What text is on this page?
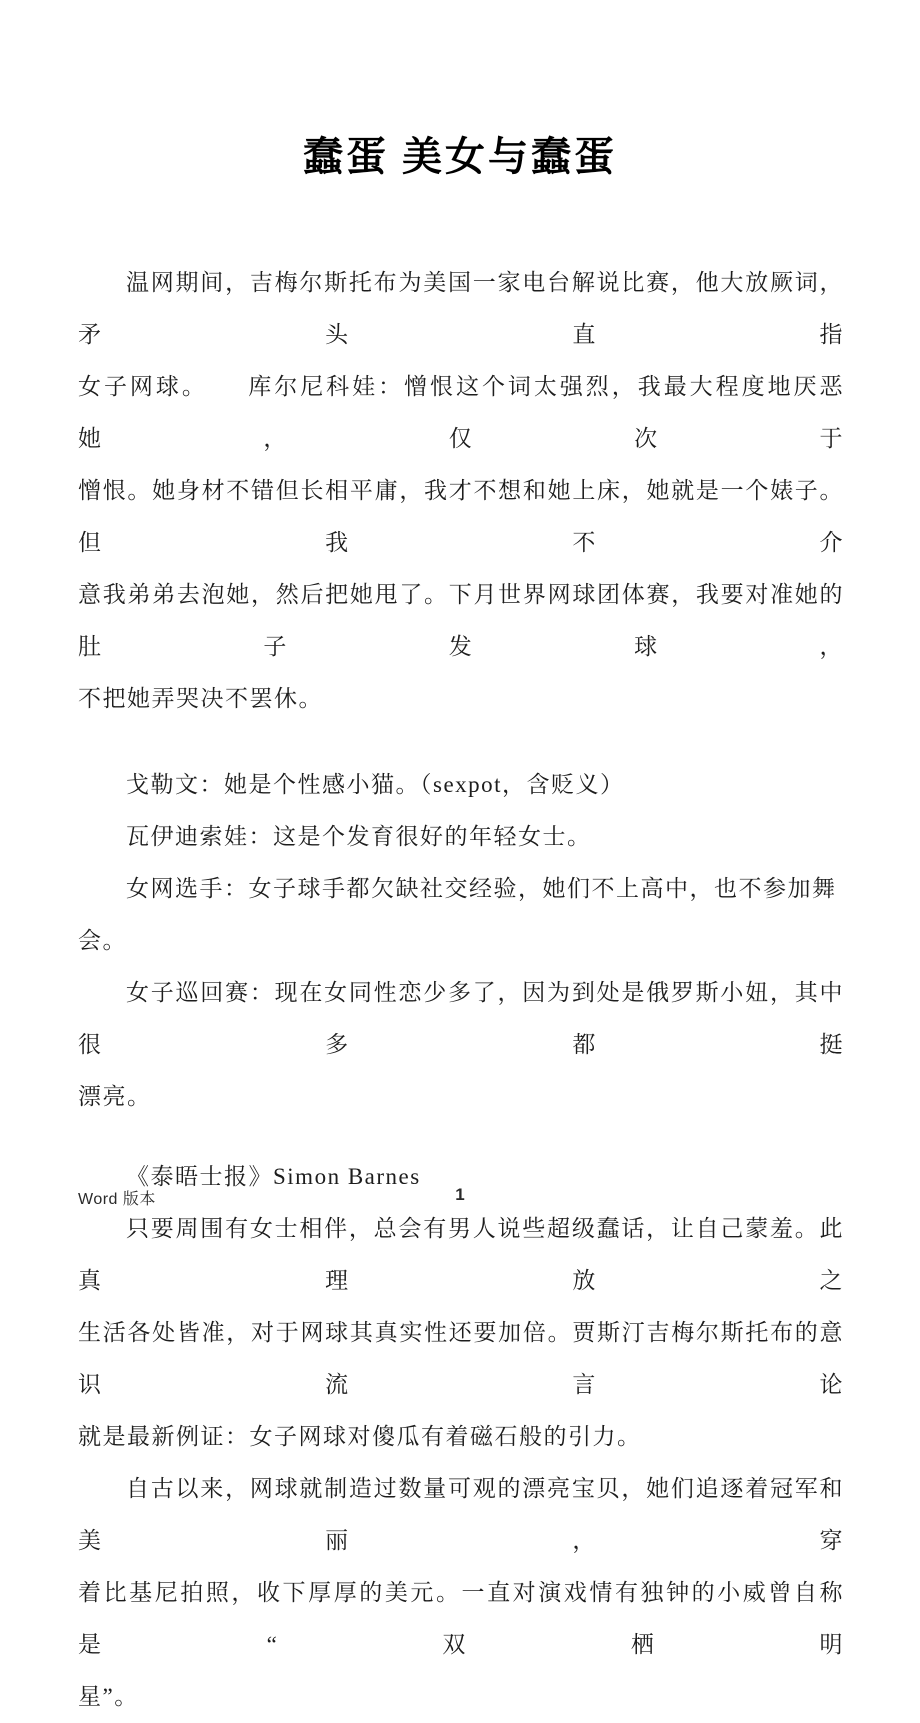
蠢蛋 美女与蠢蛋
温网期间，吉梅尔斯托布为美国一家电台解说比赛，他大放厥词，矛头直指
女子网球。　　库尔尼科娃：憎恨这个词太强烈，我最大程度地厌恶她，仅次于
憎恨。她身材不错但长相平庸，我才不想和她上床，她就是一个婊子。但我不介
意我弟弟去泡她，然后把她甩了。下月世界网球团体赛，我要对准她的肚子发球，
不把她弄哭决不罢休。
戈勒文：她是个性感小猫。（sexpot，含贬义）
瓦伊迪索娃：这是个发育很好的年轻女士。
女网选手：女子球手都欠缺社交经验，她们不上高中，也不参加舞会。
女子巡回赛：现在女同性恋少多了，因为到处是俄罗斯小妞，其中很多都挺
漂亮。
《泰晤士报》Simon Barnes
只要周围有女士相伴，总会有男人说些超级蠢话，让自己蒙羞。此真理放之
生活各处皆准，对于网球其真实性还要加倍。贾斯汀吉梅尔斯托布的意识流言论
就是最新例证：女子网球对傻瓜有着磁石般的引力。
自古以来，网球就制造过数量可观的漂亮宝贝，她们追逐着冠军和美丽，穿
着比基尼拍照，收下厚厚的美元。一直对演戏情有独钟的小威曾自称是“双栖明
星”。
Word 版本	1
